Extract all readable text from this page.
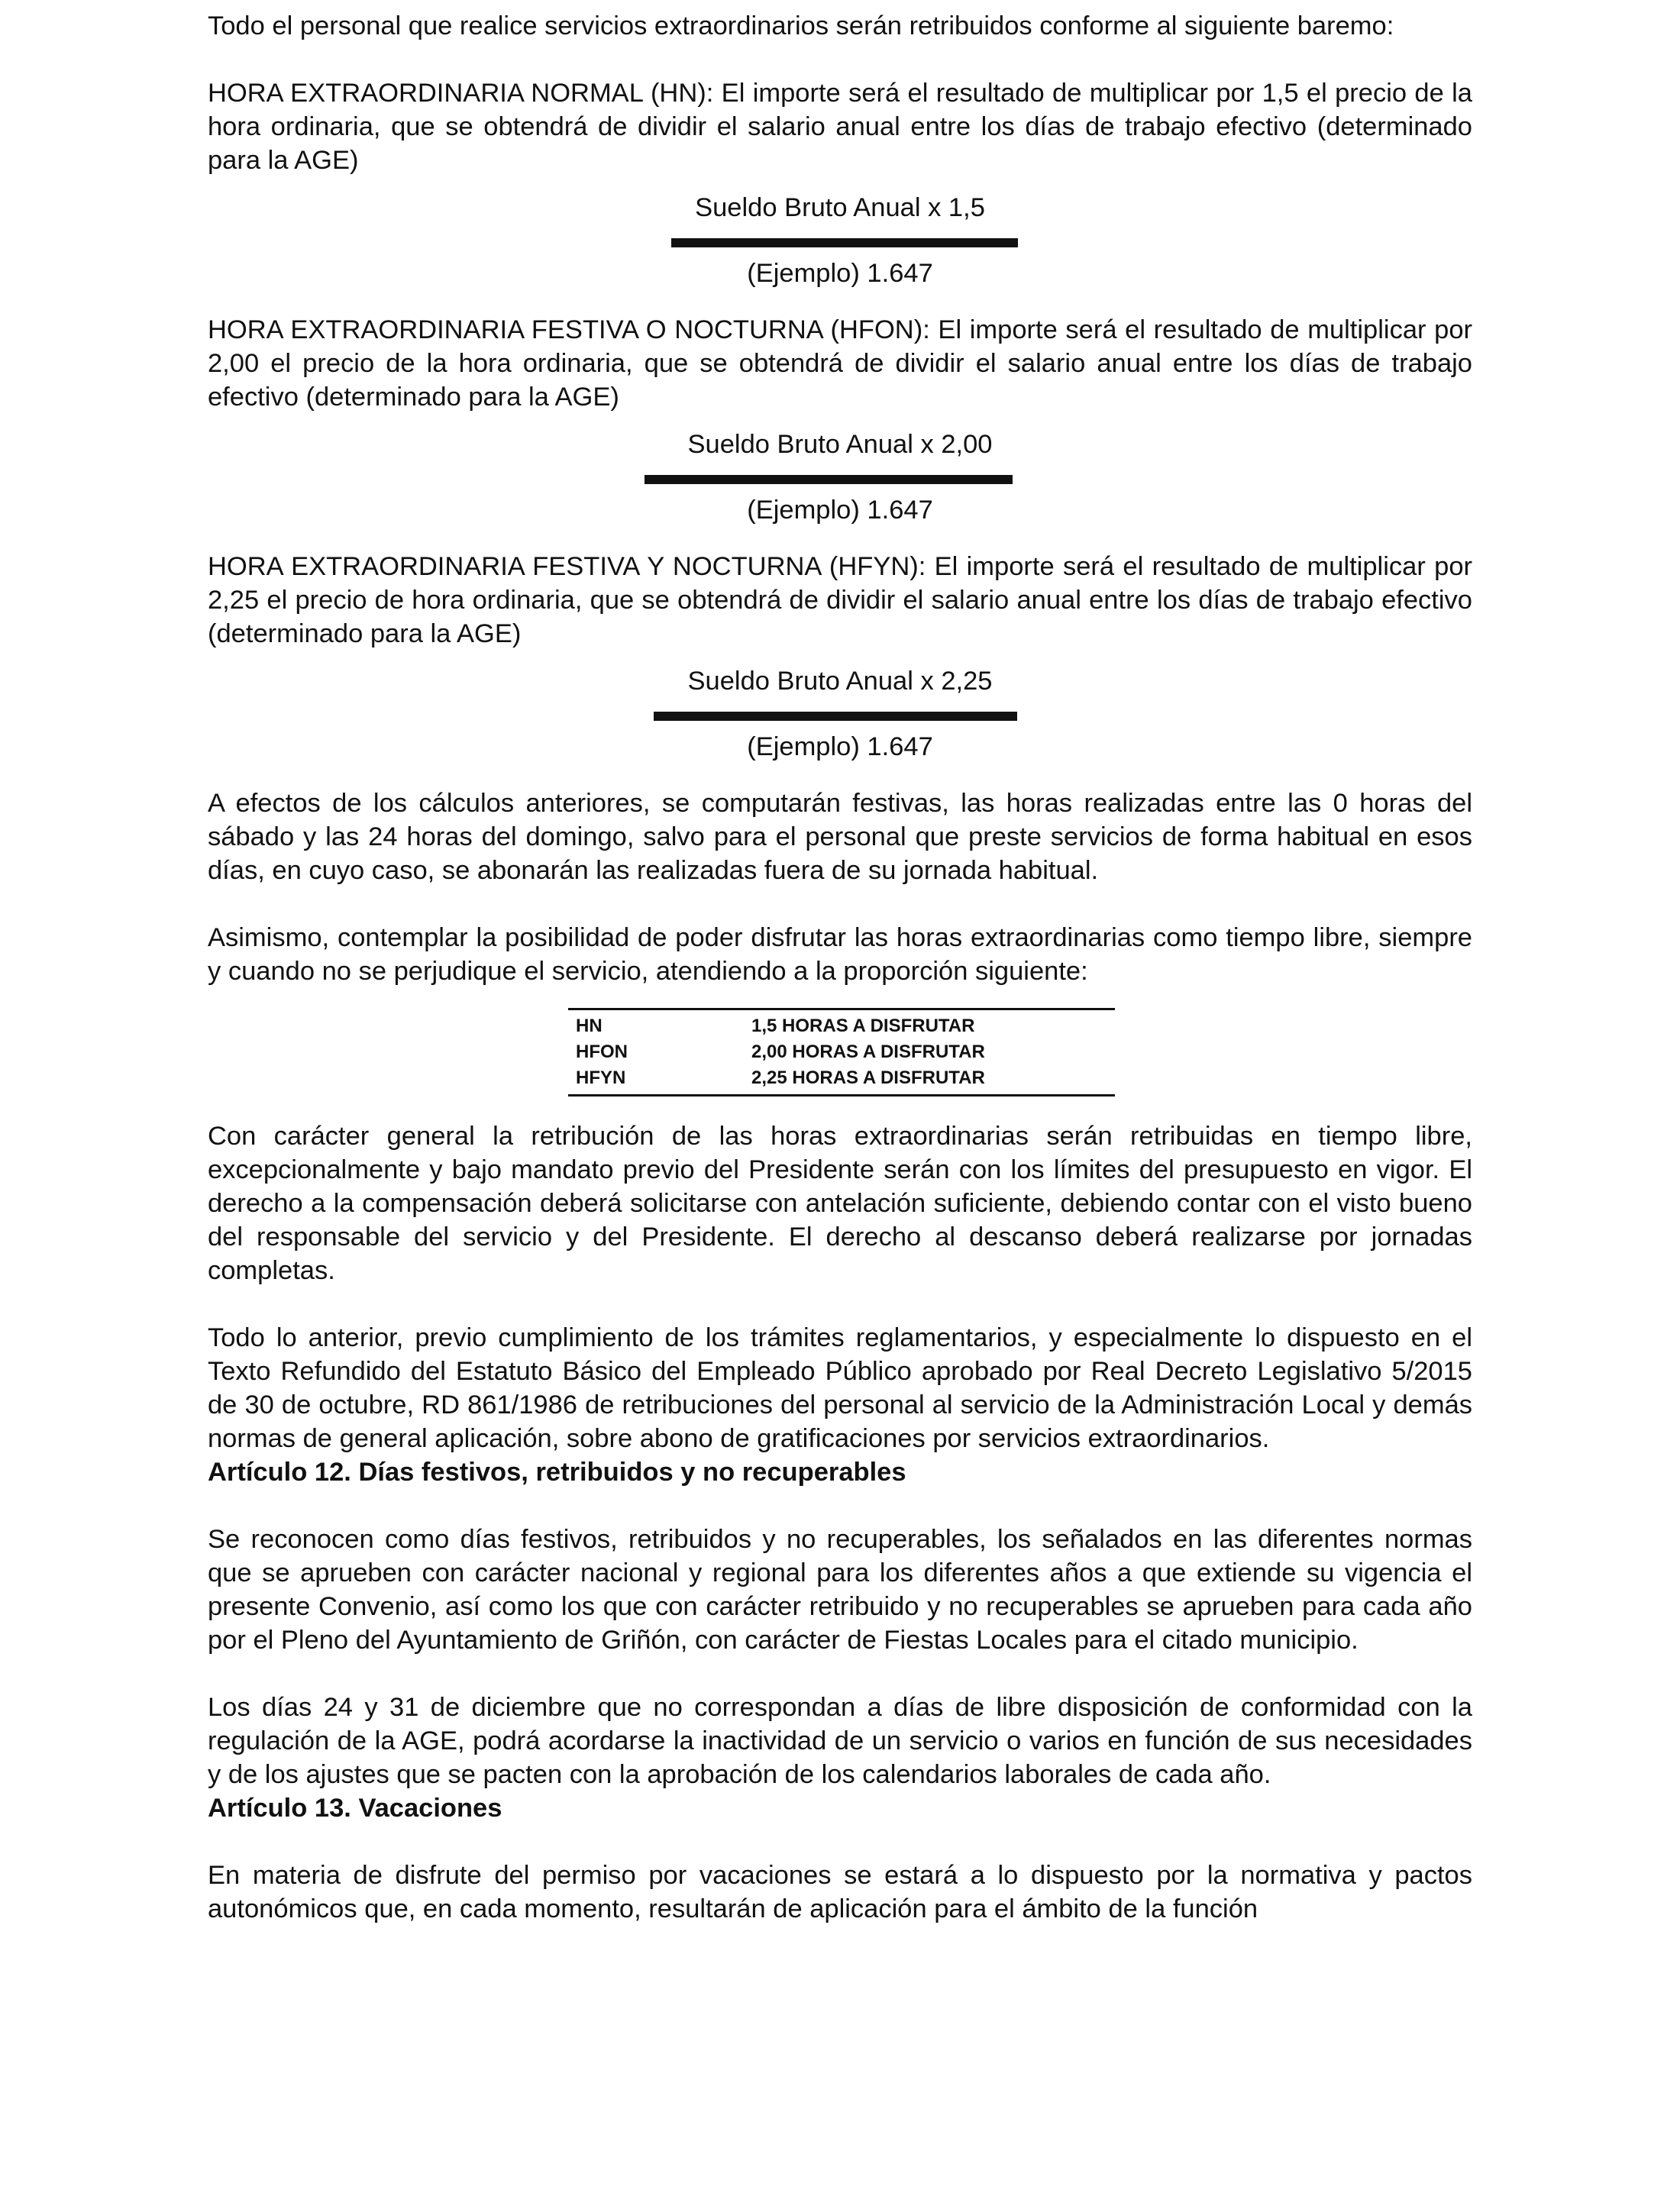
Todo el personal que realice servicios extraordinarios serán retribuidos conforme al siguiente baremo:

HORA EXTRAORDINARIA NORMAL (HN): El importe será el resultado de multiplicar por 1,5 el precio de la hora ordinaria, que se obtendrá de dividir el salario anual entre los días de trabajo efectivo (determinado para la AGE)

Sueldo Bruto Anual x 1,5
(Ejemplo) 1.647

HORA EXTRAORDINARIA FESTIVA O NOCTURNA (HFON): El importe será el resultado de multiplicar por 2,00 el precio de la hora ordinaria, que se obtendrá de dividir el salario anual entre los días de trabajo efectivo (determinado para la AGE)

Sueldo Bruto Anual x 2,00
(Ejemplo) 1.647

HORA EXTRAORDINARIA FESTIVA Y NOCTURNA (HFYN): El importe será el resultado de multiplicar por 2,25 el precio de hora ordinaria, que se obtendrá de dividir el salario anual entre los días de trabajo efectivo (determinado para la AGE)

Sueldo Bruto Anual x 2,25
(Ejemplo) 1.647

A efectos de los cálculos anteriores, se computarán festivas, las horas realizadas entre las 0 horas del sábado y las 24 horas del domingo, salvo para el personal que preste servicios de forma habitual en esos días, en cuyo caso, se abonarán las realizadas fuera de su jornada habitual.

Asimismo, contemplar la posibilidad de poder disfrutar las horas extraordinarias como tiempo libre, siempre y cuando no se perjudique el servicio, atendiendo a la proporción siguiente:

HN	1,5 HORAS A DISFRUTAR
HFON	2,00 HORAS A DISFRUTAR
HFYN	2,25 HORAS A DISFRUTAR

Con carácter general la retribución de las horas extraordinarias serán retribuidas en tiempo libre, excepcionalmente y bajo mandato previo del Presidente serán con los límites del presupuesto en vigor. El derecho a la compensación deberá solicitarse con antelación suficiente, debiendo contar con el visto bueno del responsable del servicio y del Presidente. El derecho al descanso deberá realizarse por jornadas completas.

Todo lo anterior, previo cumplimiento de los trámites reglamentarios, y especialmente lo dispuesto en el Texto Refundido del Estatuto Básico del Empleado Público aprobado por Real Decreto Legislativo 5/2015 de 30 de octubre, RD 861/1986 de retribuciones del personal al servicio de la Administración Local y demás normas de general aplicación, sobre abono de gratificaciones por servicios extraordinarios.

Artículo 12. Días festivos, retribuidos y no recuperables

Se reconocen como días festivos, retribuidos y no recuperables, los señalados en las diferentes normas que se aprueben con carácter nacional y regional para los diferentes años a que extiende su vigencia el presente Convenio, así como los que con carácter retribuido y no recuperables se aprueben para cada año por el Pleno del Ayuntamiento de Griñón, con carácter de Fiestas Locales para el citado municipio.

Los días 24 y 31 de diciembre que no correspondan a días de libre disposición de conformidad con la regulación de la AGE, podrá acordarse la inactividad de un servicio o varios en función de sus necesidades y de los ajustes que se pacten con la aprobación de los calendarios laborales de cada año.

Artículo 13. Vacaciones

En materia de disfrute del permiso por vacaciones se estará a lo dispuesto por la normativa y pactos autonómicos que, en cada momento, resultarán de aplicación para el ámbito de la función
